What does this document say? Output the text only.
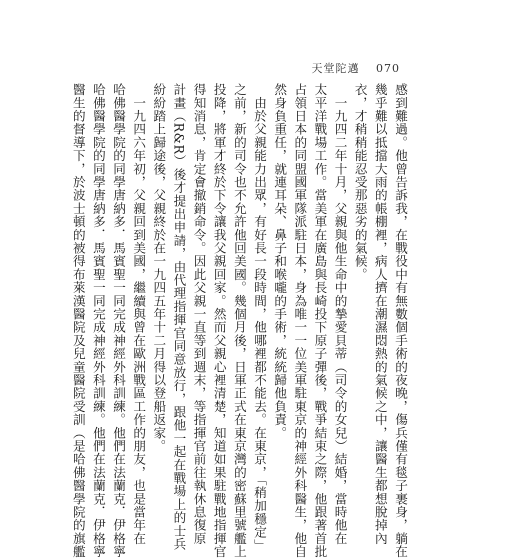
天堂陀邁 070
感到難過。他曾告訴我，在戰役中有無數個手術的夜晚，傷兵僅有毯子裹身，躺在
幾乎難以抵擋大雨的帳棚裡，病人擠在潮濕悶熱的氣候之中，讓醫生都想脫掉內
衣，才稍稍能忍受那惡劣的氣候。
　一九四二年十月，父親與他生命中的摯愛貝蒂（司令的女兒）結婚，當時他在
太平洋戰場工作。當美軍在廣島與長崎投下原子彈後，戰爭結束之際，他跟著首批
占領日本的同盟國軍隊派駐日本，身為唯一一位美軍駐東京的神經外科醫生，他自
然身負重任，就連耳朵、鼻子和喉嚨的手術，統統歸他負責。
　由於父親能力出眾，有好長一段時間，他哪裡都不能去。在東京，「稍加穩定」
之前，新的司令也不允許他回美國。幾個月後，日軍正式在東京灣的密蘇里號艦上
投降，將軍才終於下令讓我父親回家。然而父親心裡清楚，知道如果駐戰地指揮官
得知消息，肯定會撤銷命令。因此父親一直等到週末，等指揮官前往執休息復原
計畫（R&R）後才提出申請，由代理指揮官同意放行，跟他一起在戰場上的士兵
紛紛踏上歸途後，父親終於在一九四五年十二月得以登船返家。
　一九四六年初，父親回到美國，繼續與曾在歐洲戰區工作的朋友，也是當年在
哈佛醫學院的同學唐納多．馬賓聖一同完成神經外科訓練。他們在法蘭克．伊格寧
哈佛醫學院的同學唐納多．馬賓聖一同完成神經外科訓練。他們在法蘭克．伊格寧
醫生的督導下，於波士頓的被得布萊漢醫院及兒童醫院受訓（是哈佛醫學院的旗艦
